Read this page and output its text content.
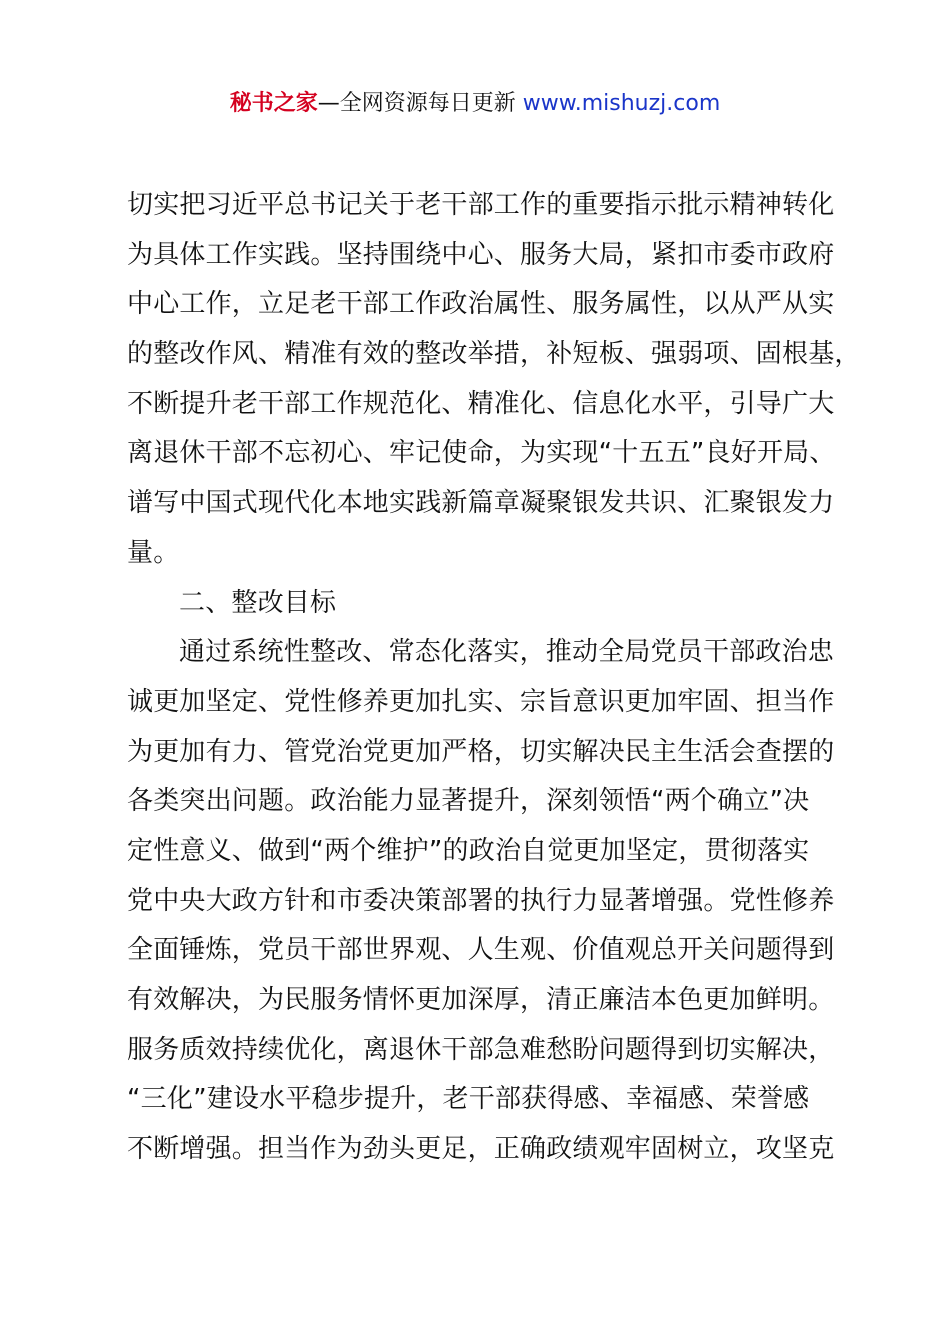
秘书之家—全网资源每日更新 www.mishuzj.com
切实把习近平总书记关于老干部工作的重要指示批示精神转化
为具体工作实践。坚持围绕中心、服务大局，紧扣市委市政府
中心工作，立足老干部工作政治属性、服务属性，以从严从实
的整改作风、精准有效的整改举措，补短板、强弱项、固根基，
不断提升老干部工作规范化、精准化、信息化水平，引导广大
离退休干部不忘初心、牢记使命，为实现“十五五”良好开局、
谱写中国式现代化本地实践新篇章凝聚银发共识、汇聚银发力
量。
二、整改目标
通过系统性整改、常态化落实，推动全局党员干部政治忠
诚更加坚定、党性修养更加扎实、宗旨意识更加牢固、担当作
为更加有力、管党治党更加严格，切实解决民主生活会查摆的
各类突出问题。政治能力显著提升，深刻领悟“两个确立”决
定性意义、做到“两个维护”的政治自觉更加坚定，贯彻落实
党中央大政方针和市委决策部署的执行力显著增强。党性修养
全面锤炼，党员干部世界观、人生观、价值观总开关问题得到
有效解决，为民服务情怀更加深厚，清正廉洁本色更加鲜明。
服务质效持续优化，离退休干部急难愁盼问题得到切实解决，
“三化”建设水平稳步提升，老干部获得感、幸福感、荣誉感
不断增强。担当作为劲头更足，正确政绩观牢固树立，攻坚克
